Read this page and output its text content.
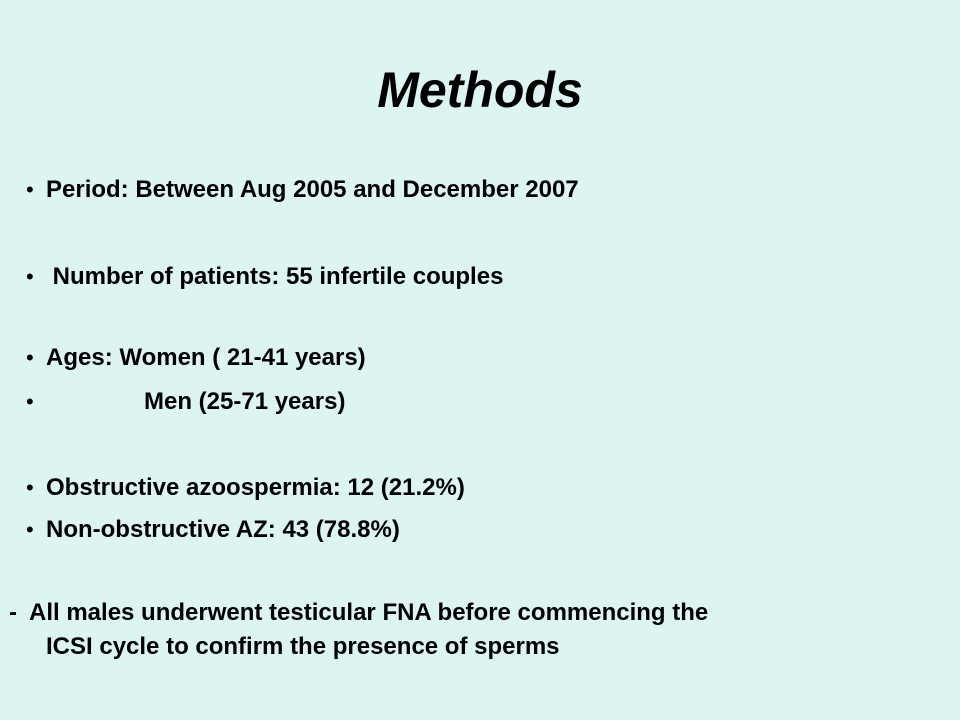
Methods
• Period: Between Aug 2005 and December 2007
• Number of patients: 55 infertile couples
• Ages: Women ( 21-41 years)
•	Men (25-71 years)
• Obstructive azoospermia: 12 (21.2%)
• Non-obstructive AZ: 43 (78.8%)
- All males underwent testicular FNA before commencing the
ICSI cycle to confirm the presence of sperms
